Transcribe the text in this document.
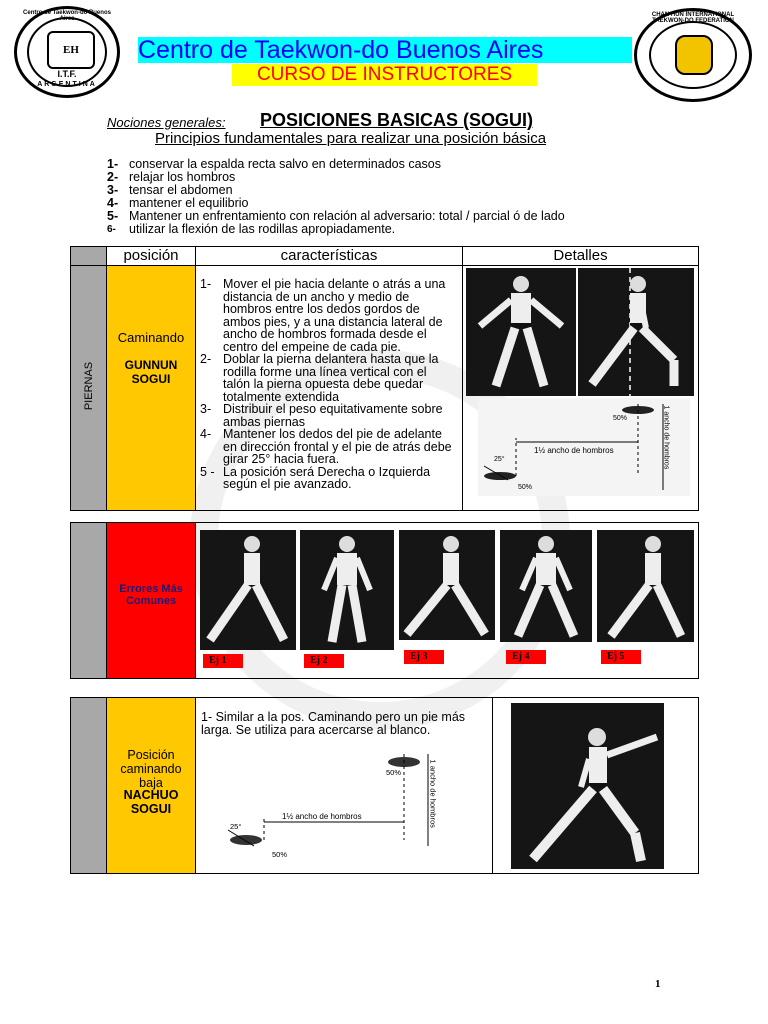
Centro de Taekwon-do Buenos Aires
EH
I.T.F.
ARGENTINA
Centro de Taekwon-do Buenos Aires
CURSO DE INSTRUCTORES
CHAN HUN INTERNATIONAL TAEKWON-DO FEDERATION
Nociones generales: POSICIONES BASICAS (SOGUI)
Principios fundamentales para realizar una posición básica
1- conservar la espalda recta salvo en determinados casos
2- relajar los hombros
3- tensar el abdomen
4- mantener el equilibrio
5- Mantener un enfrentamiento con relación al adversario: total / parcial ó de lado
6-	utilizar la flexión de las rodillas apropiadamente.
posición	características	Detalles
PIERNAS
Caminando
GUNNUN SOGUI
1- Mover el pie hacia delante o atrás a una distancia de un ancho y medio de hombros entre los dedos gordos de ambos pies, y a una distancia lateral de ancho de hombros formada desde el centro del empeine de cada pie.
2- Doblar la pierna delantera hasta que la rodilla forme una línea vertical con el talón la pierna opuesta debe quedar totalmente extendida
3- Distribuir el peso equitativamente sobre ambas piernas
4- Mantener los dedos del pie de adelante en dirección frontal y el pie de atrás debe girar 25° hacia fuera.
5 - La posición será Derecha o Izquierda según el pie avanzado.
50%
1½ ancho de hombros
25°
50%
1 ancho de hombros
Errores Más Comunes
Ej 1	Ej 2	Ej 3	Ej 4	Ej 5
Posición caminando baja
NACHUO SOGUI
1- Similar a la pos. Caminando pero un pie más larga. Se utiliza para acercarse al blanco.
50%
1½ ancho de hombros
25°
50%
1 ancho de hombros
1
